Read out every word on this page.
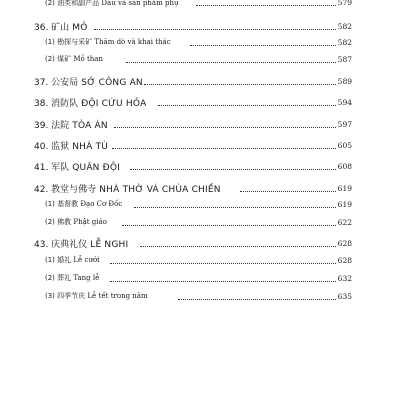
(2) 油类和副产品 Dầu và sản phẩm phụ	579
36. 矿山 MỎ	582
(1) 勘探与采矿 Thăm dò và khai thác	582
(2) 煤矿 Mỏ than	587
37. 公安局 SỞ CÔNG AN	589
38. 消防队 ĐỘI CỨU HỎA	594
39. 法院 TÒA ÁN	597
40. 监狱 NHÀ TÙ	605
41. 军队 QUÂN ĐỘI	608
42. 教堂与佛寺 NHÀ THỜ VÀ CHÙA CHIỀN	619
(1) 基督教 Đạo Cơ Đốc	619
(2) 佛教 Phật giáo	622
43. 庆典礼仪 LỄ NGHI	628
(1) 婚礼 Lễ cưới	628
(2) 葬礼 Tang lễ	632
(3) 四季节庆 Lễ tết trong năm	635
